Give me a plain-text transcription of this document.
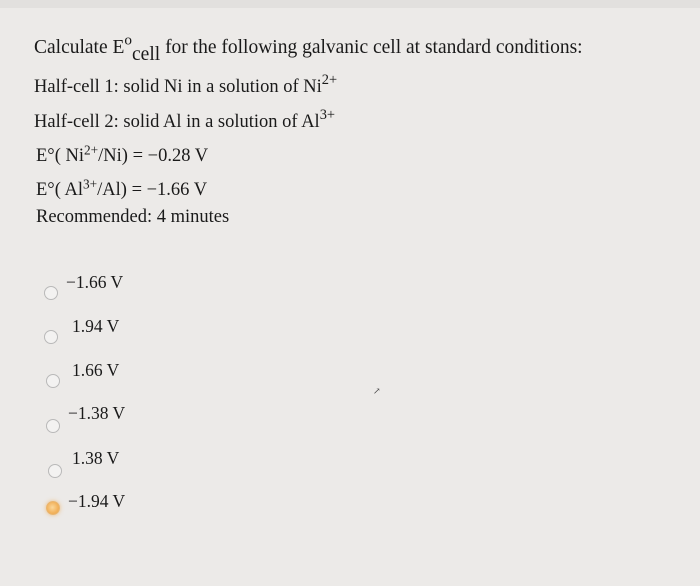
Calculate $E^o_{cell}$ for the following galvanic cell at standard conditions:
Half-cell 1: solid Ni in a solution of $Ni^{2+}$
Half-cell 2: solid Al in a solution of $Al^{3+}$
E°( $Ni^{2+}/Ni) = -0.28$ V
E°( $Al^{3+}/Al) = -1.66$ V
Recommended: 4 minutes
−1.66 V
1.94 V
1.66 V
−1.38 V
1.38 V
−1.94 V
↗
